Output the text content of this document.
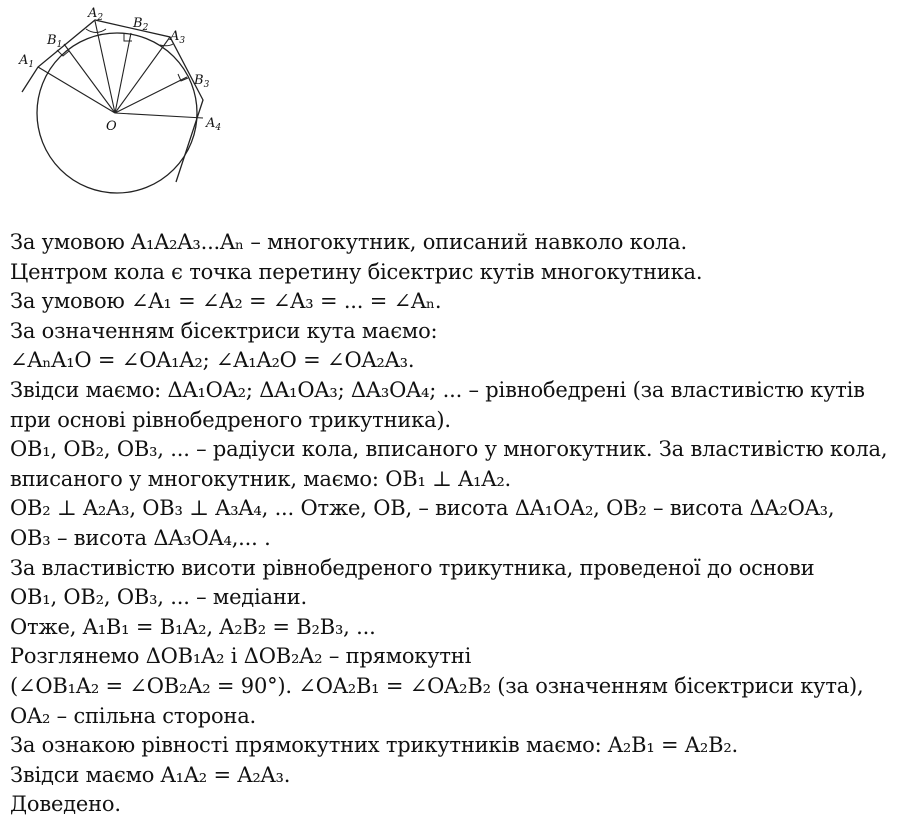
$A_1$
$B_1$
$A_2$ $B_2$
$A_3$
$B_3$
$A_4$
O
За умовою A₁A₂A₃...Aₙ – многокутник, описаний навколо кола.
Центром кола є точка перетину бісектрис кутів многокутника.
За умовою ∠A₁ = ∠A₂ = ∠A₃ = ... = ∠Aₙ.
За означенням бісектриси кута маємо:
∠AₙA₁O = ∠OA₁A₂; ∠A₁A₂O = ∠OA₂A₃.
Звідси маємо: ΔA₁OA₂; ΔA₁OA₃; ΔA₃OA₄; ... – рівнобедрені (за властивістю кутів
при основі рівнобедреного трикутника).
OB₁, OB₂, OB₃, ... – радіуси кола, вписаного у многокутник. За властивістю кола,
вписаного у многокутник, маємо: OB₁ ⊥ A₁A₂.
OB₂ ⊥ A₂A₃, OB₃ ⊥ A₃A₄, ... Отже, OB, – висота ΔA₁OA₂, OB₂ – висота ΔA₂OA₃,
OB₃ – висота ΔA₃OA₄,... .
За властивістю висоти рівнобедреного трикутника, проведеної до основи
OB₁, OB₂, OB₃, ... – медіани.
Отже, A₁B₁ = B₁A₂, A₂B₂ = B₂B₃, ...
Розглянемо ΔOB₁A₂ і ΔOB₂A₂ – прямокутні
(∠OB₁A₂ = ∠OB₂A₂ = 90°). ∠OA₂B₁ = ∠OA₂B₂ (за означенням бісектриси кута),
OA₂ – спільна сторона.
За ознакою рівності прямокутних трикутників маємо: A₂B₁ = A₂B₂.
Звідси маємо A₁A₂ = A₂A₃.
Доведено.
